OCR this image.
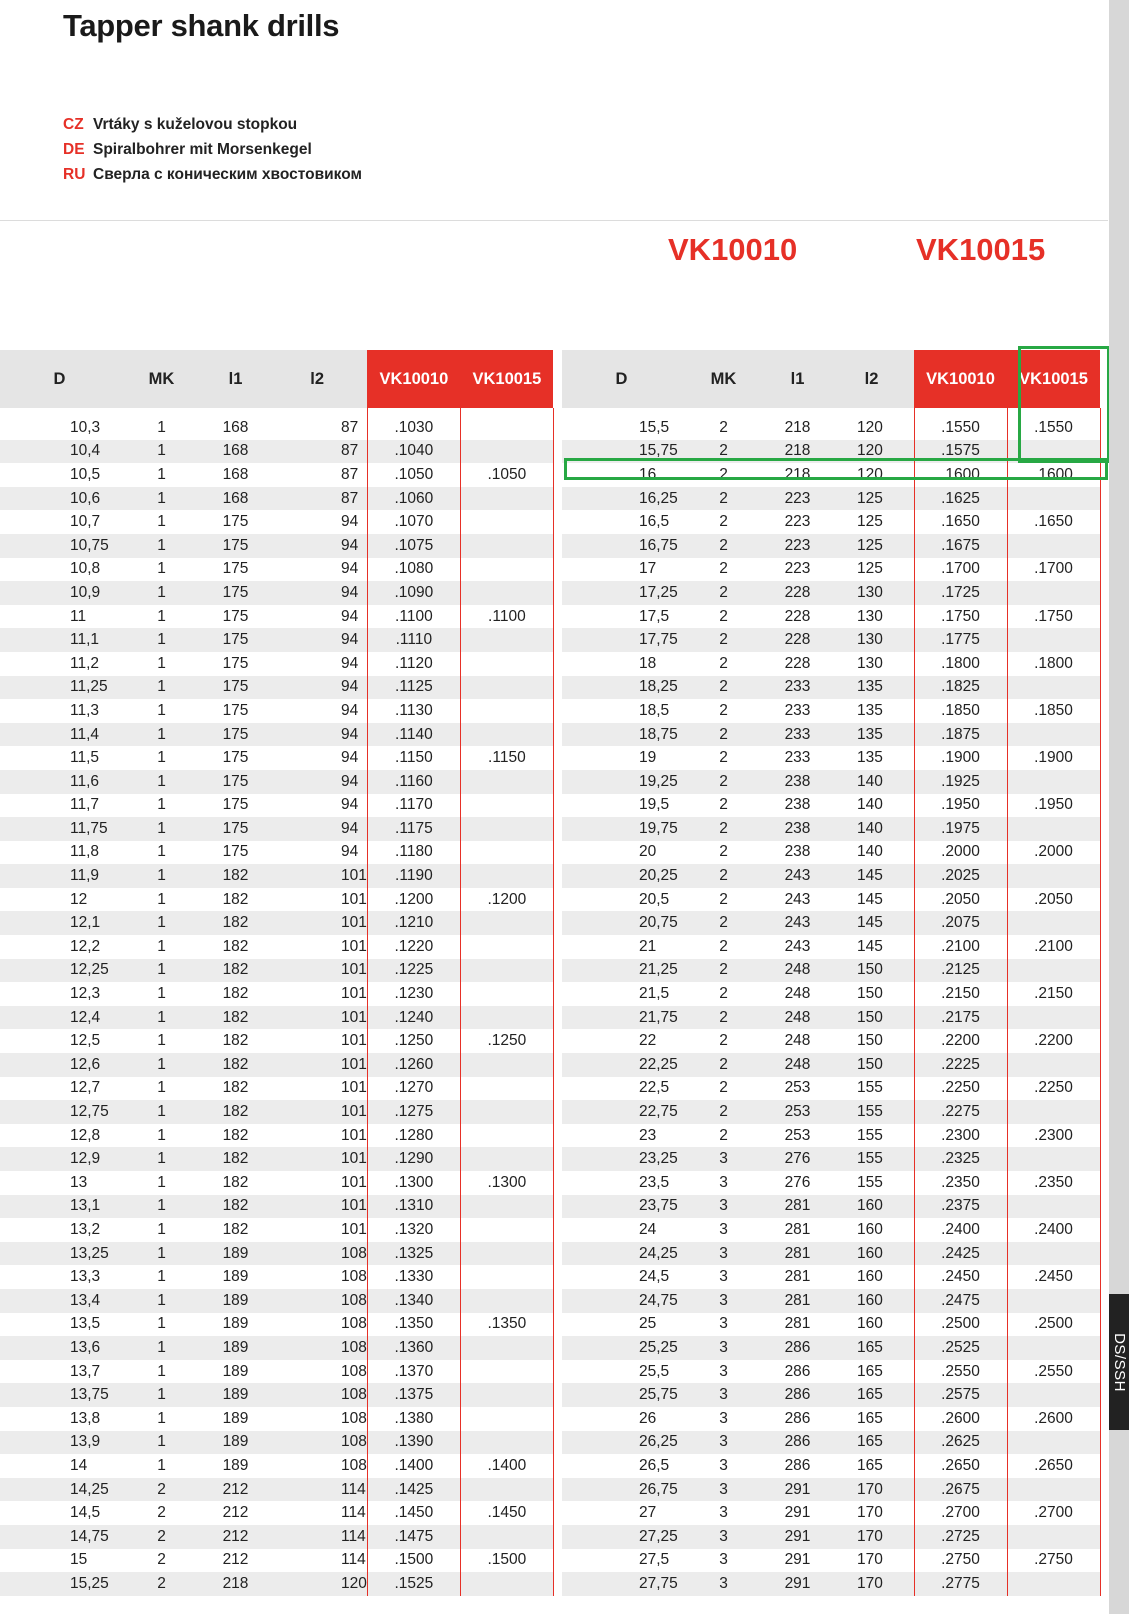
Tapper shank drills
CZ Vrtáky s kuželovou stopkou
DE Spiralbohrer mit Morsenkegel
RU Сверла с коническим хвостовиком
VK10010	VK10015
D	MK	l1	l2	VK10010	VK10015
10,3	1	168	87	.1030	
10,4	1	168	87	.1040	
10,5	1	168	87	.1050	.1050
10,6	1	168	87	.1060	
10,7	1	175	94	.1070	
10,75	1	175	94	.1075	
10,8	1	175	94	.1080	
10,9	1	175	94	.1090	
11	1	175	94	.1100	.1100
11,1	1	175	94	.1110	
11,2	1	175	94	.1120	
11,25	1	175	94	.1125	
11,3	1	175	94	.1130	
11,4	1	175	94	.1140	
11,5	1	175	94	.1150	.1150
11,6	1	175	94	.1160	
11,7	1	175	94	.1170	
11,75	1	175	94	.1175	
11,8	1	175	94	.1180	
11,9	1	182	101	.1190	
12	1	182	101	.1200	.1200
12,1	1	182	101	.1210	
12,2	1	182	101	.1220	
12,25	1	182	101	.1225	
12,3	1	182	101	.1230	
12,4	1	182	101	.1240	
12,5	1	182	101	.1250	.1250
12,6	1	182	101	.1260	
12,7	1	182	101	.1270	
12,75	1	182	101	.1275	
12,8	1	182	101	.1280	
12,9	1	182	101	.1290	
13	1	182	101	.1300	.1300
13,1	1	182	101	.1310	
13,2	1	182	101	.1320	
13,25	1	189	108	.1325	
13,3	1	189	108	.1330	
13,4	1	189	108	.1340	
13,5	1	189	108	.1350	.1350
13,6	1	189	108	.1360	
13,7	1	189	108	.1370	
13,75	1	189	108	.1375	
13,8	1	189	108	.1380	
13,9	1	189	108	.1390	
14	1	189	108	.1400	.1400
14,25	2	212	114	.1425	
14,5	2	212	114	.1450	.1450
14,75	2	212	114	.1475	
15	2	212	114	.1500	.1500
15,25	2	218	120	.1525	
D	MK	l1	l2	VK10010	VK10015
15,5	2	218	120	.1550	.1550
15,75	2	218	120	.1575	
16	2	218	120	.1600	.1600
16,25	2	223	125	.1625	
16,5	2	223	125	.1650	.1650
16,75	2	223	125	.1675	
17	2	223	125	.1700	.1700
17,25	2	228	130	.1725	
17,5	2	228	130	.1750	.1750
17,75	2	228	130	.1775	
18	2	228	130	.1800	.1800
18,25	2	233	135	.1825	
18,5	2	233	135	.1850	.1850
18,75	2	233	135	.1875	
19	2	233	135	.1900	.1900
19,25	2	238	140	.1925	
19,5	2	238	140	.1950	.1950
19,75	2	238	140	.1975	
20	2	238	140	.2000	.2000
20,25	2	243	145	.2025	
20,5	2	243	145	.2050	.2050
20,75	2	243	145	.2075	
21	2	243	145	.2100	.2100
21,25	2	248	150	.2125	
21,5	2	248	150	.2150	.2150
21,75	2	248	150	.2175	
22	2	248	150	.2200	.2200
22,25	2	248	150	.2225	
22,5	2	253	155	.2250	.2250
22,75	2	253	155	.2275	
23	2	253	155	.2300	.2300
23,25	3	276	155	.2325	
23,5	3	276	155	.2350	.2350
23,75	3	281	160	.2375	
24	3	281	160	.2400	.2400
24,25	3	281	160	.2425	
24,5	3	281	160	.2450	.2450
24,75	3	281	160	.2475	
25	3	281	160	.2500	.2500
25,25	3	286	165	.2525	
25,5	3	286	165	.2550	.2550
25,75	3	286	165	.2575	
26	3	286	165	.2600	.2600
26,25	3	286	165	.2625	
26,5	3	286	165	.2650	.2650
26,75	3	291	170	.2675	
27	3	291	170	.2700	.2700
27,25	3	291	170	.2725	
27,5	3	291	170	.2750	.2750
27,75	3	291	170	.2775	
DS/SSH
